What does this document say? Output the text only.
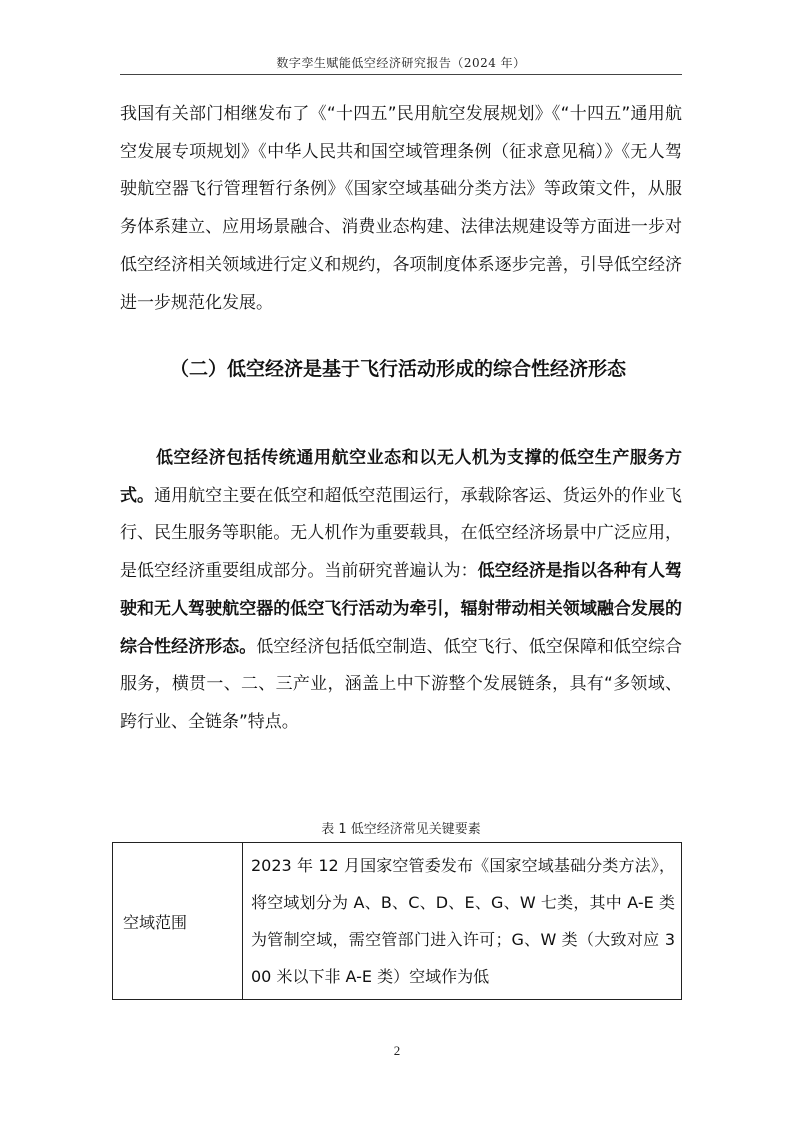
数字孪生赋能低空经济研究报告（2024 年）

我国有关部门相继发布了《“十四五”民用航空发展规划》《“十四五”通用航空发展专项规划》《中华人民共和国空域管理条例（征求意见稿）》《无人驾驶航空器飞行管理暂行条例》《国家空域基础分类方法》等政策文件，从服务体系建立、应用场景融合、消费业态构建、法律法规建设等方面进一步对低空经济相关领域进行定义和规约，各项制度体系逐步完善，引导低空经济进一步规范化发展。

（二）低空经济是基于飞行活动形成的综合性经济形态

低空经济包括传统通用航空业态和以无人机为支撑的低空生产服务方式。通用航空主要在低空和超低空范围运行，承载除客运、货运外的作业飞行、民生服务等职能。无人机作为重要载具，在低空经济场景中广泛应用，是低空经济重要组成部分。当前研究普遍认为：低空经济是指以各种有人驾驶和无人驾驶航空器的低空飞行活动为牵引，辐射带动相关领域融合发展的综合性经济形态。低空经济包括低空制造、低空飞行、低空保障和低空综合服务，横贯一、二、三产业，涵盖上中下游整个发展链条，具有“多领域、跨行业、全链条”特点。

表 1 低空经济常见关键要素
空域范围	2023 年 12 月国家空管委发布《国家空域基础分类方法》，将空域划分为 A、B、C、D、E、G、W 七类，其中 A-E 类为管制空域，需空管部门进入许可；G、W 类（大致对应 300 米以下非 A-E 类）空域作为低
2
